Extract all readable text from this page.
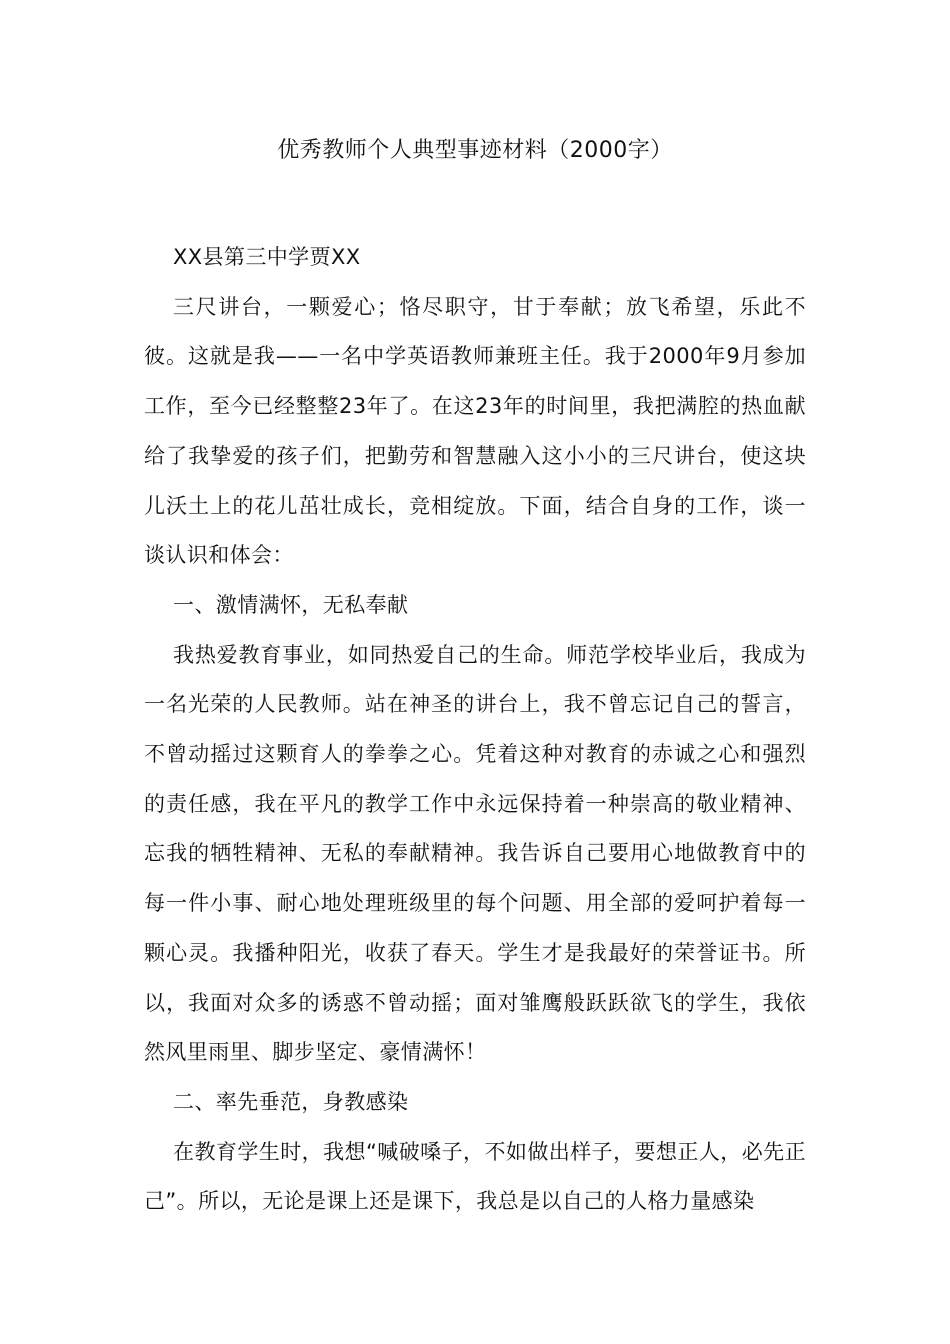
优秀教师个人典型事迹材料（2000字）

XX县第三中学贾XX

三尺讲台，一颗爱心；恪尽职守，甘于奉献；放飞希望，乐此不彼。这就是我——一名中学英语教师兼班主任。我于2000年9月参加工作，至今已经整整23年了。在这23年的时间里，我把满腔的热血献给了我挚爱的孩子们，把勤劳和智慧融入这小小的三尺讲台，使这块儿沃土上的花儿茁壮成长，竞相绽放。下面，结合自身的工作，谈一谈认识和体会：

一、激情满怀，无私奉献

我热爱教育事业，如同热爱自己的生命。师范学校毕业后，我成为一名光荣的人民教师。站在神圣的讲台上，我不曾忘记自己的誓言，不曾动摇过这颗育人的拳拳之心。凭着这种对教育的赤诚之心和强烈的责任感，我在平凡的教学工作中永远保持着一种崇高的敬业精神、忘我的牺牲精神、无私的奉献精神。我告诉自己要用心地做教育中的每一件小事、耐心地处理班级里的每个问题、用全部的爱呵护着每一颗心灵。我播种阳光，收获了春天。学生才是我最好的荣誉证书。所以，我面对众多的诱惑不曾动摇；面对雏鹰般跃跃欲飞的学生，我依然风里雨里、脚步坚定、豪情满怀！

二、率先垂范，身教感染

在教育学生时，我想“喊破嗓子，不如做出样子，要想正人，必先正己”。所以，无论是课上还是课下，我总是以自己的人格力量感染
